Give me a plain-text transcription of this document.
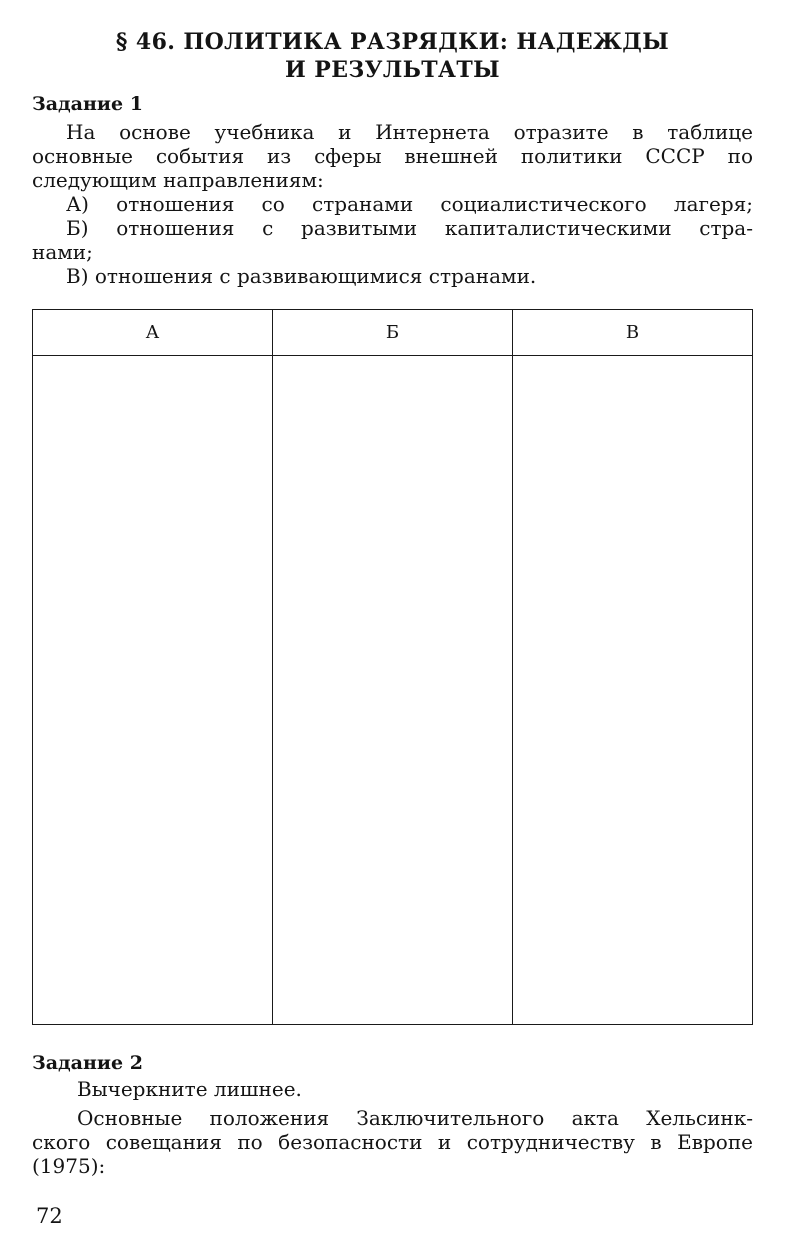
§ 46. ПОЛИТИКА РАЗРЯДКИ: НАДЕЖДЫ
И РЕЗУЛЬТАТЫ
Задание 1
На основе учебника и Интернета отразите в таблице
основные события из сферы внешней политики СССР по
следующим направлениям:
А) отношения со странами социалистического лагеря;
Б) отношения с развитыми капиталистическими стра-
нами;
В) отношения с развивающимися странами.
А	Б	В
Задание 2
Вычеркните лишнее.
Основные положения Заключительного акта Хельсинк-
ского совещания по безопасности и сотрудничеству в Европе
(1975):
72
